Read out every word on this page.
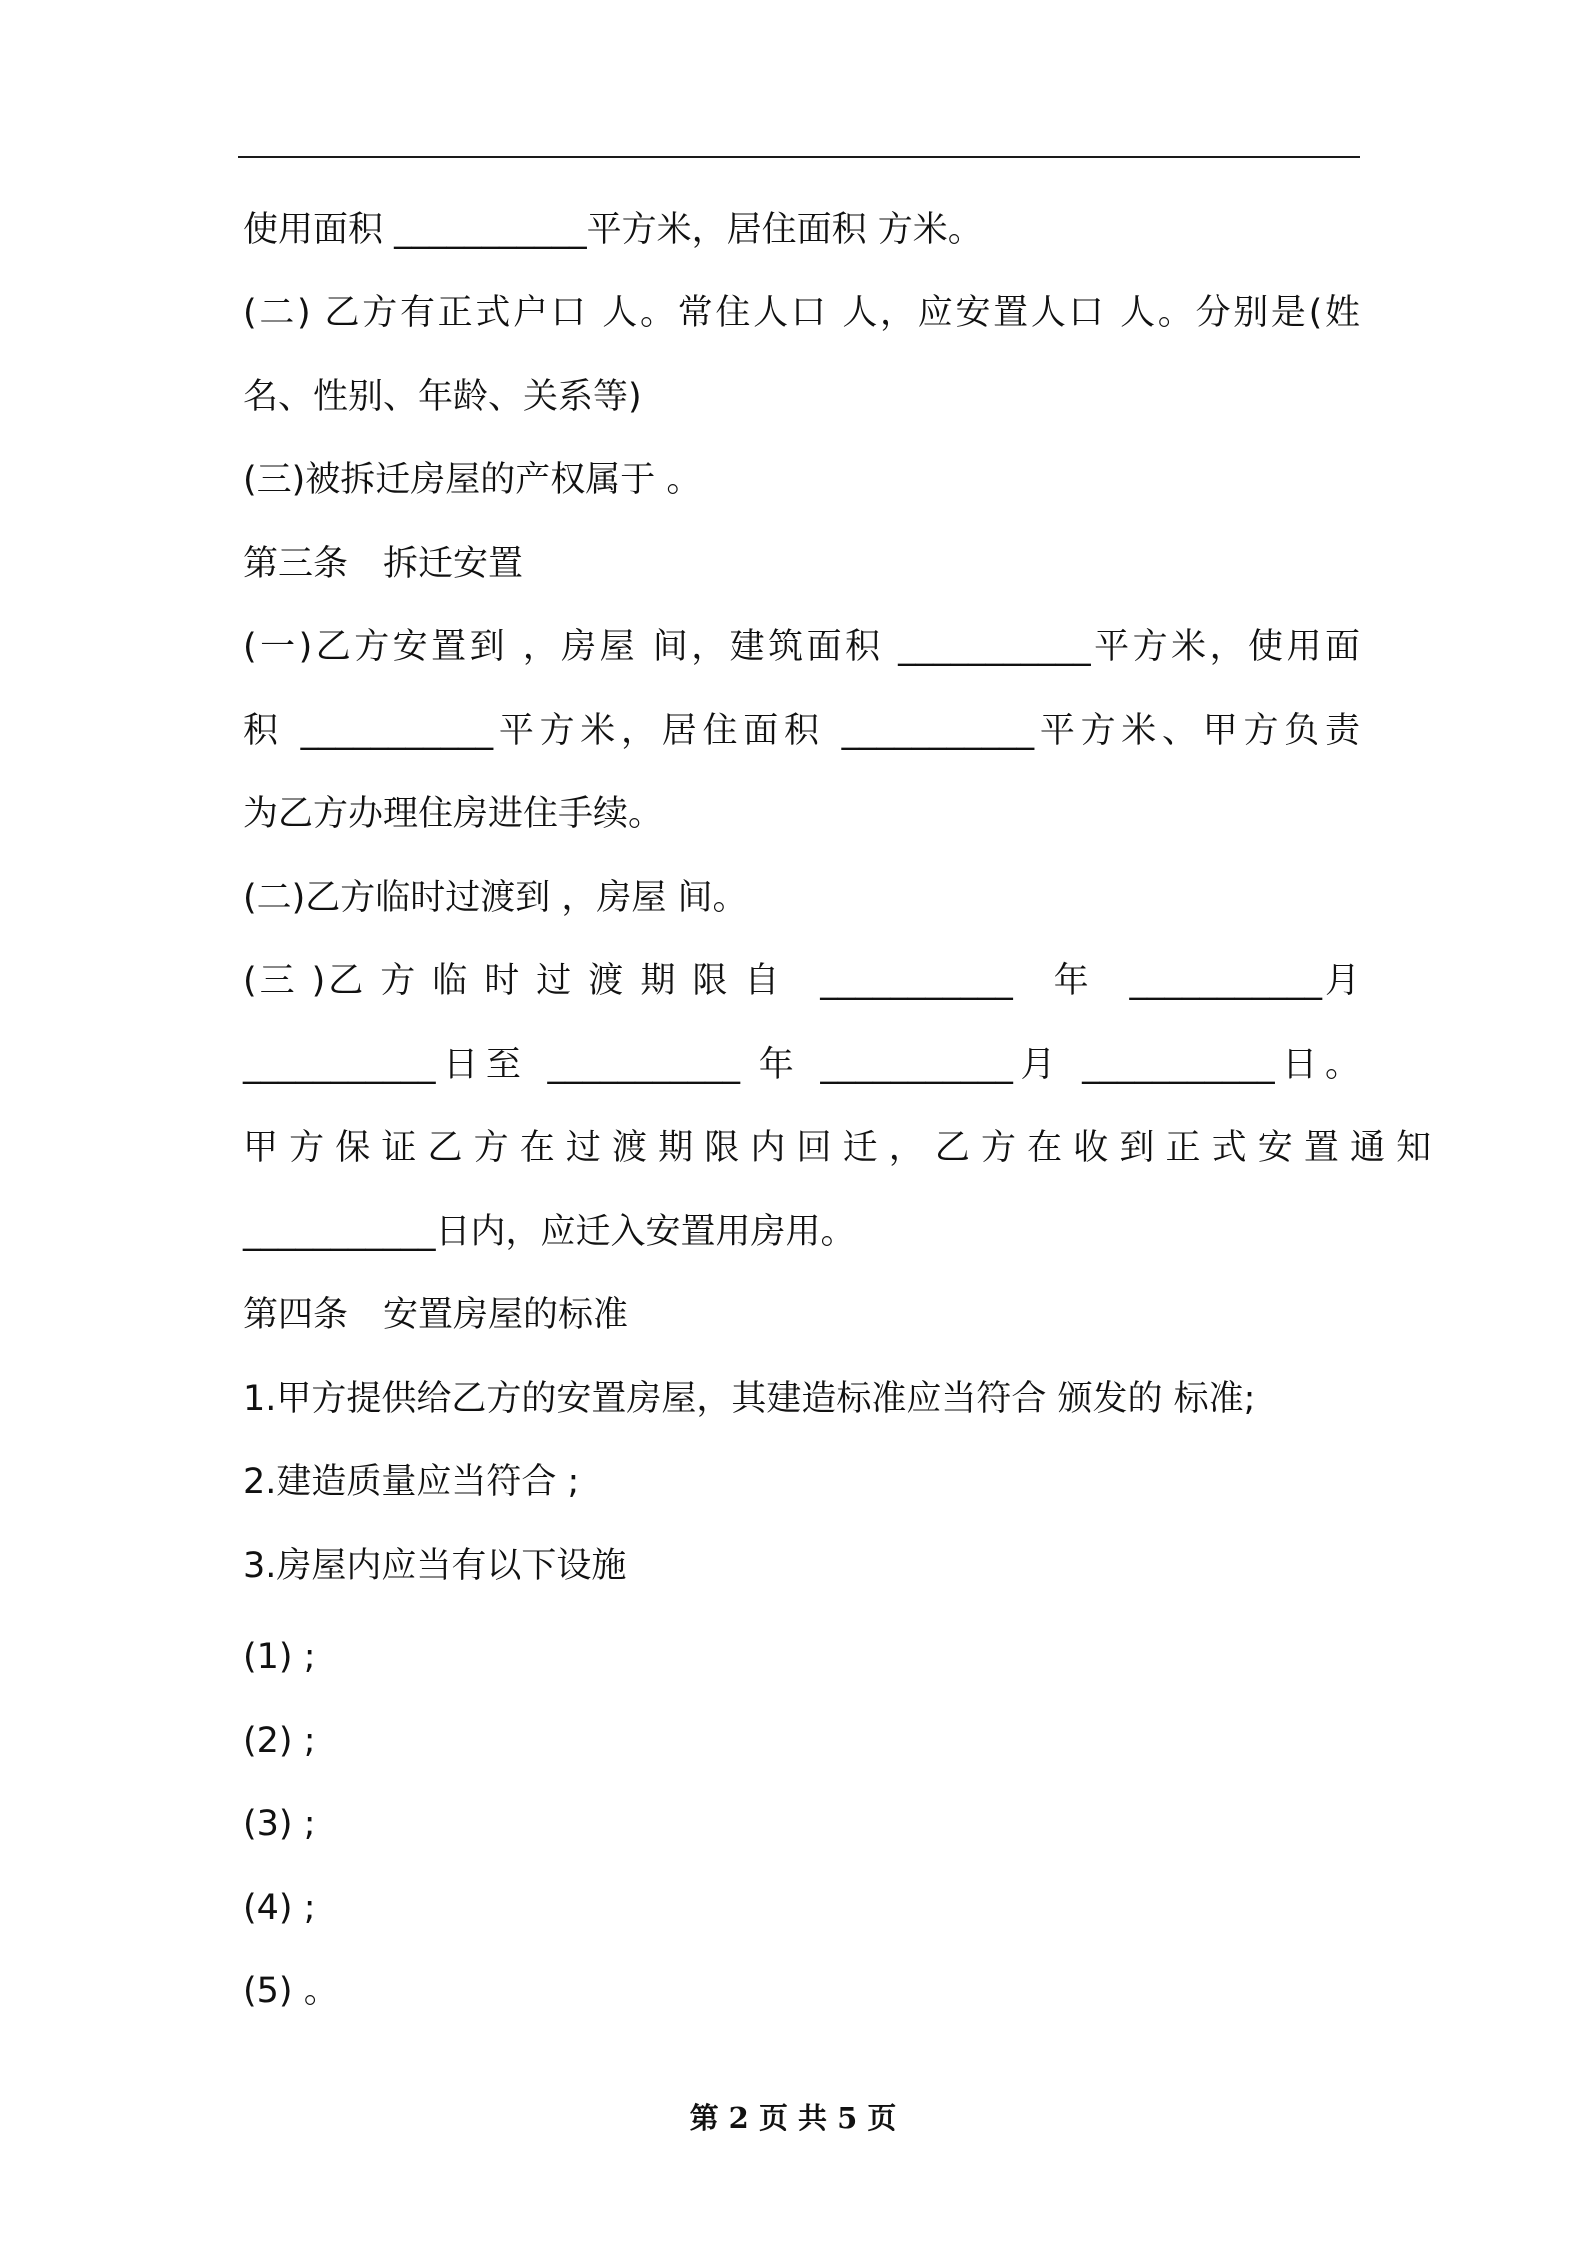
使用面积 ___________平方米，居住面积 方米。
(二) 乙方有正式户口 人。常住人口 人，应安置人口 人。分别是(姓
名、性别、年龄、关系等)
(三)被拆迁房屋的产权属于 。
第三条　拆迁安置
(一)乙方安置到 ，房屋 间，建筑面积 ___________平方米，使用面
积 ___________平方米，居住面积 ___________平方米、甲方负责
为乙方办理住房进住手续。
(二)乙方临时过渡到 ，房屋 间。
(三 )乙 方 临 时 过 渡 期 限 自　___________　年　___________月
___________日至 ___________ 年 ___________月 ___________日。
甲 方 保 证 乙 方 在 过 渡 期 限 内 回 迁 ， 乙 方 在 收 到 正 式 安 置 通 知
___________日内，应迁入安置用房用。
第四条　安置房屋的标准
1.甲方提供给乙方的安置房屋，其建造标准应当符合 颁发的 标准;
2.建造质量应当符合 ;
3.房屋内应当有以下设施
(1) ;
(2) ;
(3) ;
(4) ;
(5) 。
第 2 页 共 5 页
